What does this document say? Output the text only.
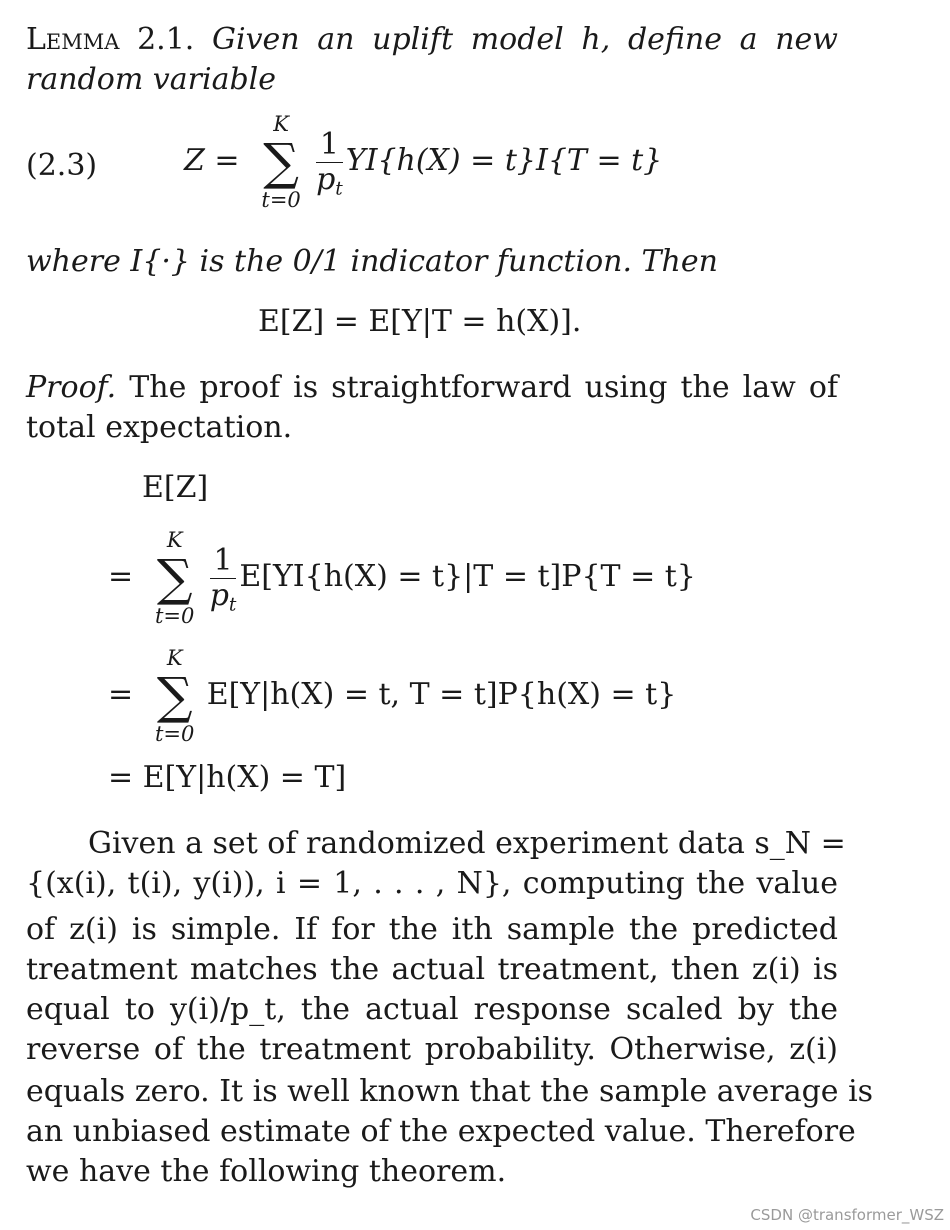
Lemma 2.1. Given an uplift model h, define a new
random variable
(2.3)	Z =
K
∑
t=0
$\frac{1}{p_t} YI\{h(X) = t\}I\{T = t\}$
where I{·} is the 0/1 indicator function. Then
E[Z] = E[Y|T = h(X)].
Proof. The proof is straightforward using the law of
total expectation.
E[Z]
=
K
∑
t=0
$\frac{1}{p_t} E[YI\{h(X) = t\}|T = t]P\{T = t\}$
=
K
∑
t=0
E[Y|h(X) = t, T = t]P{h(X) = t}
= E[Y|h(X) = T]
Given a set of randomized experiment data s_N =
{(x(i), t(i), y(i)), i = 1, . . . , N}, computing the value
of z(i) is simple. If for the ith sample the predicted
treatment matches the actual treatment, then z(i) is
equal to y(i)/p_t, the actual response scaled by the
reverse of the treatment probability. Otherwise, z(i)
equals zero. It is well known that the sample average is
an unbiased estimate of the expected value. Therefore
we have the following theorem.
CSDN @transformer_WSZ
